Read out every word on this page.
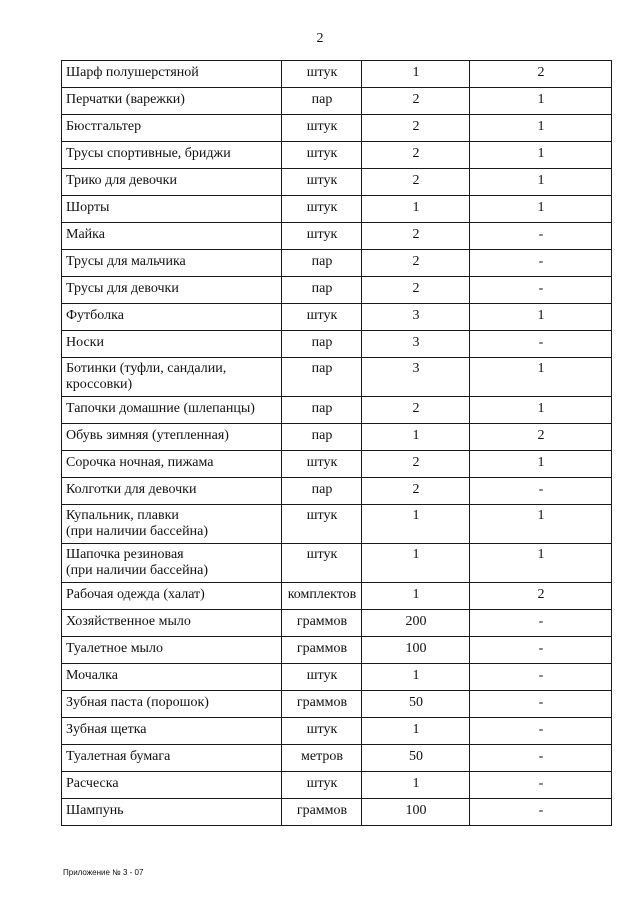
2
Шарф полушерстяной	штук	1	2
Перчатки (варежки)	пар	2	1
Бюстгальтер	штук	2	1
Трусы спортивные, бриджи	штук	2	1
Трико для девочки	штук	2	1
Шорты	штук	1	1
Майка	штук	2	-
Трусы для мальчика	пар	2	-
Трусы для девочки	пар	2	-
Футболка	штук	3	1
Носки	пар	3	-

Ботинки (туфли, сандалии,
кроссовки)	пар	3	1
Тапочки домашние (шлепанцы)	пар	2	1
Обувь зимняя (утепленная)	пар	1	2
Сорочка ночная, пижама	штук	2	1
Колготки для девочки	пар	2	-

Купальник, плавки
(при наличии бассейна)	штук	1	1

Шапочка резиновая
(при наличии бассейна)	штук	1	1
Рабочая одежда (халат)	комплектов	1	2
Хозяйственное мыло	граммов	200	-
Туалетное мыло	граммов	100	-
Мочалка	штук	1	-
Зубная паста (порошок)	граммов	50	-
Зубная щетка	штук	1	-
Туалетная бумага	метров	50	-
Расческа	штук	1	-
Шампунь	граммов	100	-
Приложение № 3 - 07
